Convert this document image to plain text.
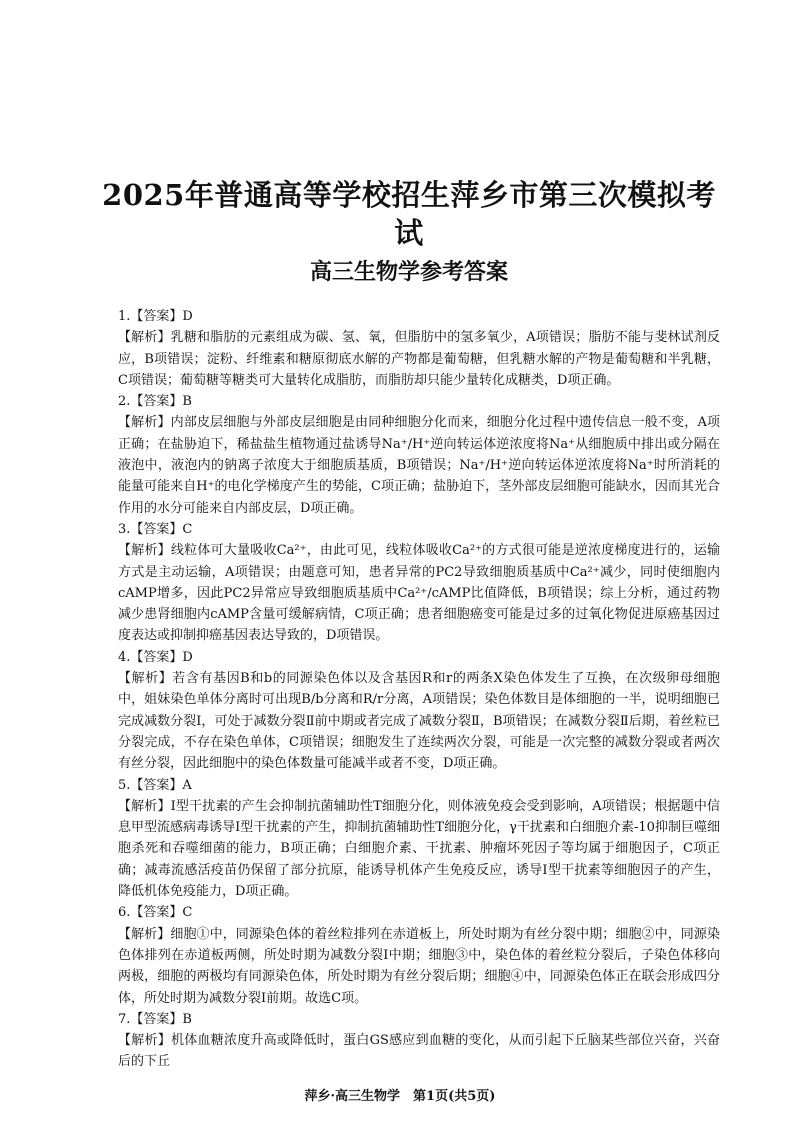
2025年普通高等学校招生萍乡市第三次模拟考试
高三生物学参考答案

1.【答案】D

【解析】乳糖和脂肪的元素组成为碳、氢、氧，但脂肪中的氢多氧少，A项错误；脂肪不能与斐林试剂反应，B项错误；淀粉、纤维素和糖原彻底水解的产物都是葡萄糖，但乳糖水解的产物是葡萄糖和半乳糖，C项错误；葡萄糖等糖类可大量转化成脂肪，而脂肪却只能少量转化成糖类，D项正确。

2.【答案】B

【解析】内部皮层细胞与外部皮层细胞是由同种细胞分化而来，细胞分化过程中遗传信息一般不变，A项正确；在盐胁迫下，稀盐盐生植物通过盐诱导Na⁺/H⁺逆向转运体逆浓度将Na⁺从细胞质中排出或分隔在液泡中，液泡内的钠离子浓度大于细胞质基质，B项错误；Na⁺/H⁺逆向转运体逆浓度将Na⁺时所消耗的能量可能来自H⁺的电化学梯度产生的势能，C项正确；盐胁迫下，茎外部皮层细胞可能缺水，因而其光合作用的水分可能来自内部皮层，D项正确。

3.【答案】C

【解析】线粒体可大量吸收Ca²⁺，由此可见，线粒体吸收Ca²⁺的方式很可能是逆浓度梯度进行的，运输方式是主动运输，A项错误；由题意可知，患者异常的PC2导致细胞质基质中Ca²⁺减少，同时使细胞内cAMP增多，因此PC2异常应导致细胞质基质中Ca²⁺/cAMP比值降低，B项错误；综上分析，通过药物减少患肾细胞内cAMP含量可缓解病情，C项正确；患者细胞癌变可能是过多的过氧化物促进原癌基因过度表达或抑制抑癌基因表达导致的，D项错误。

4.【答案】D

【解析】若含有基因B和b的同源染色体以及含基因R和r的两条X染色体发生了互换，在次级卵母细胞中，姐妹染色单体分离时可出现B/b分离和R/r分离，A项错误；染色体数目是体细胞的一半，说明细胞已完成减数分裂Ⅰ，可处于减数分裂Ⅱ前中期或者完成了减数分裂Ⅱ，B项错误；在减数分裂Ⅱ后期，着丝粒已分裂完成，不存在染色单体，C项错误；细胞发生了连续两次分裂，可能是一次完整的减数分裂或者两次有丝分裂，因此细胞中的染色体数量可能减半或者不变，D项正确。

5.【答案】A

【解析】Ⅰ型干扰素的产生会抑制抗菌辅助性T细胞分化，则体液免疫会受到影响，A项错误；根据题中信息甲型流感病毒诱导Ⅰ型干扰素的产生，抑制抗菌辅助性T细胞分化，γ干扰素和白细胞介素-10抑制巨噬细胞杀死和吞噬细菌的能力，B项正确；白细胞介素、干扰素、肿瘤坏死因子等均属于细胞因子，C项正确；减毒流感活疫苗仍保留了部分抗原，能诱导机体产生免疫反应，诱导Ⅰ型干扰素等细胞因子的产生，降低机体免疫能力，D项正确。

6.【答案】C

【解析】细胞①中，同源染色体的着丝粒排列在赤道板上，所处时期为有丝分裂中期；细胞②中，同源染色体排列在赤道板两侧，所处时期为减数分裂Ⅰ中期；细胞③中，染色体的着丝粒分裂后，子染色体移向两极，细胞的两极均有同源染色体，所处时期为有丝分裂后期；细胞④中，同源染色体正在联会形成四分体，所处时期为减数分裂Ⅰ前期。故选C项。

7.【答案】B

【解析】机体血糖浓度升高或降低时，蛋白GS感应到血糖的变化，从而引起下丘脑某些部位兴奋，兴奋后的下丘

萍乡·高三生物学　第1页(共5页)
